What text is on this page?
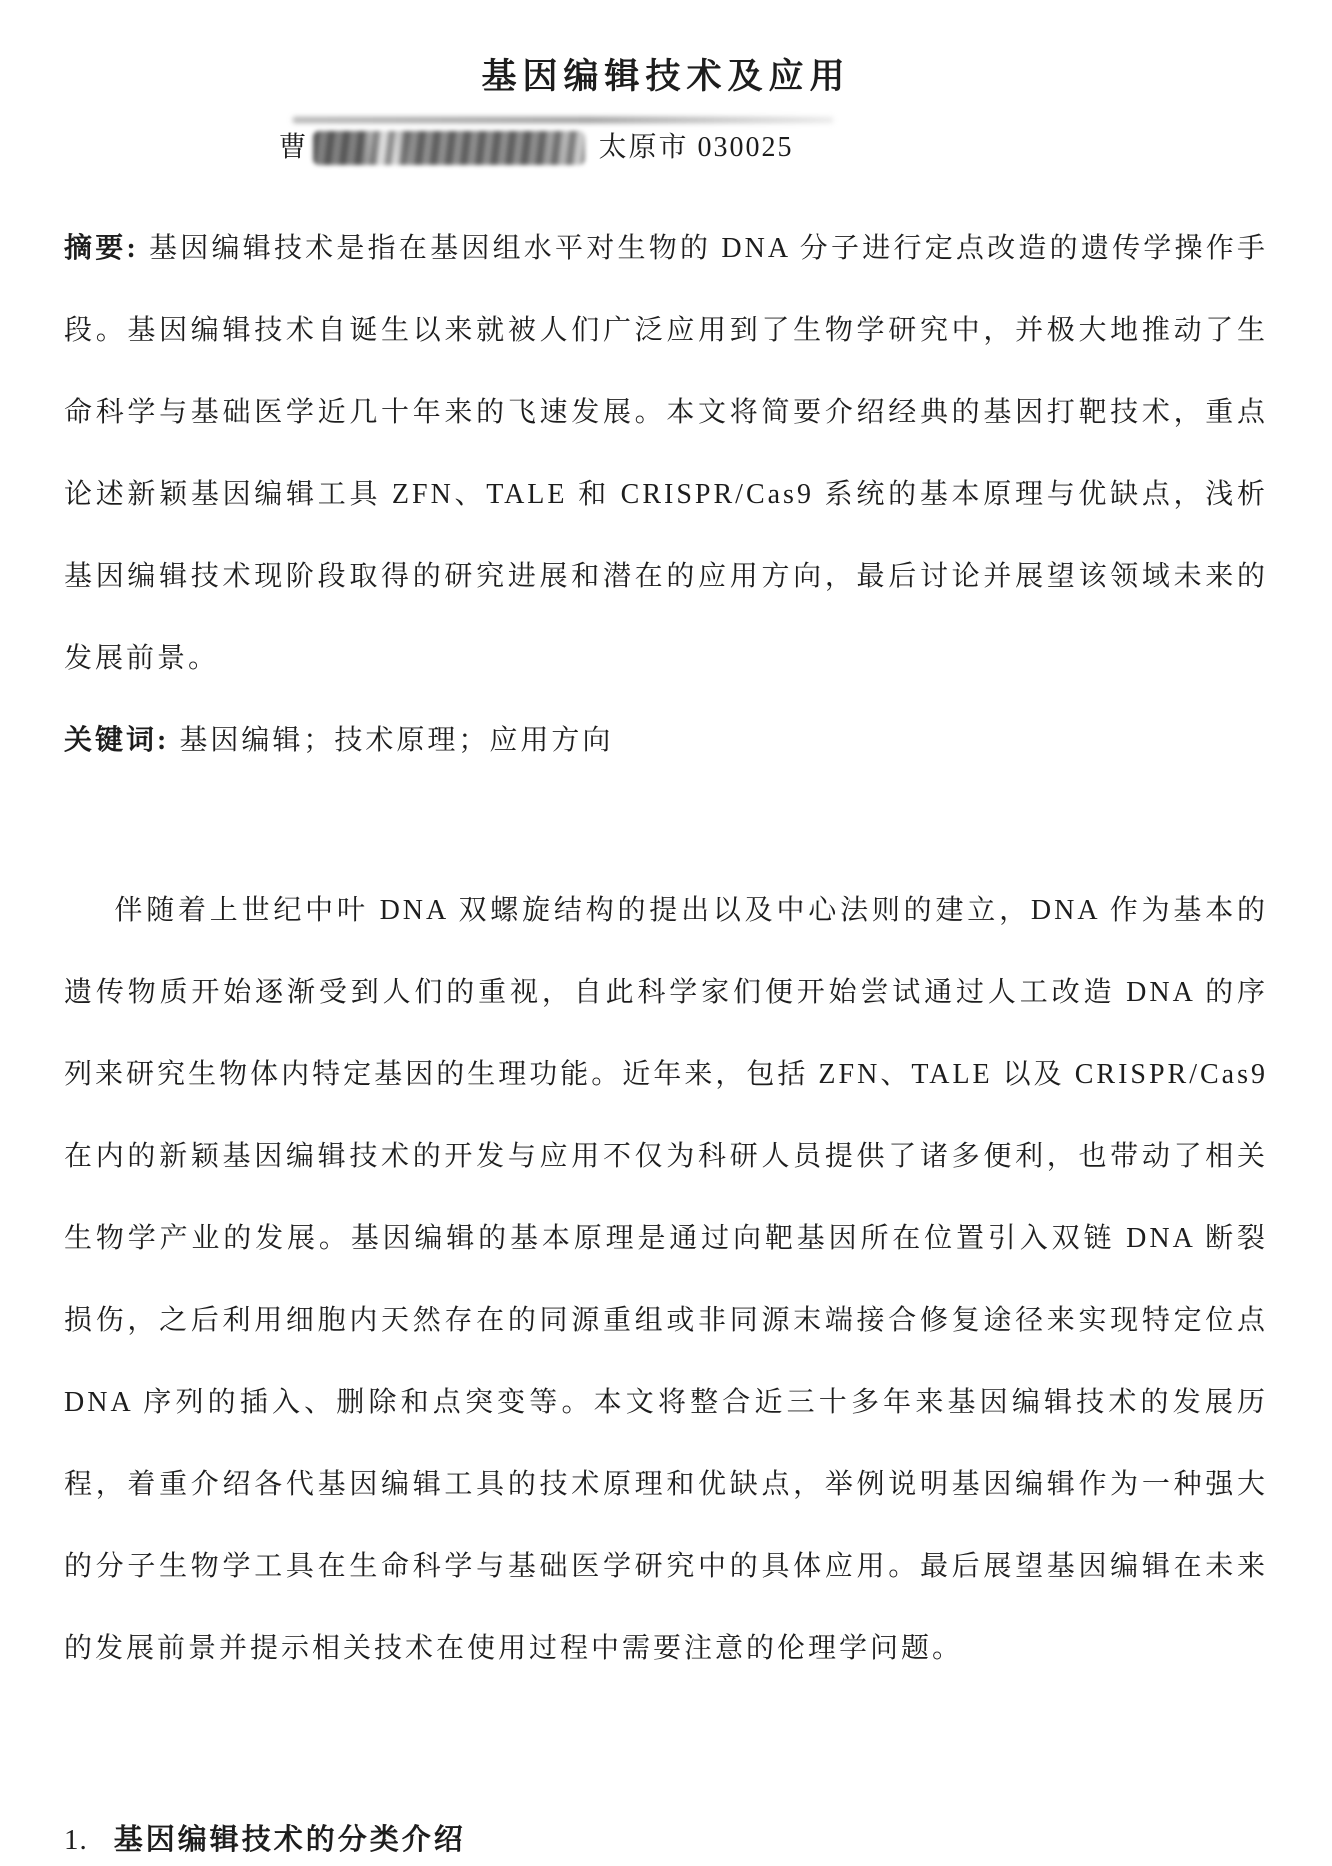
基因编辑技术及应用
曹	太原市 030025

摘要: 基因编辑技术是指在基因组水平对生物的 DNA 分子进行定点改造的遗传学操作手段。基因编辑技术自诞生以来就被人们广泛应用到了生物学研究中，并极大地推动了生命科学与基础医学近几十年来的飞速发展。本文将简要介绍经典的基因打靶技术，重点论述新颖基因编辑工具 ZFN、TALE 和 CRISPR/Cas9 系统的基本原理与优缺点，浅析基因编辑技术现阶段取得的研究进展和潜在的应用方向，最后讨论并展望该领域未来的发展前景。

关键词: 基因编辑；技术原理；应用方向

伴随着上世纪中叶 DNA 双螺旋结构的提出以及中心法则的建立，DNA 作为基本的遗传物质开始逐渐受到人们的重视，自此科学家们便开始尝试通过人工改造 DNA 的序列来研究生物体内特定基因的生理功能。近年来，包括 ZFN、TALE 以及 CRISPR/Cas9 在内的新颖基因编辑技术的开发与应用不仅为科研人员提供了诸多便利，也带动了相关生物学产业的发展。基因编辑的基本原理是通过向靶基因所在位置引入双链 DNA 断裂损伤，之后利用细胞内天然存在的同源重组或非同源末端接合修复途径来实现特定位点 DNA 序列的插入、删除和点突变等。本文将整合近三十多年来基因编辑技术的发展历程，着重介绍各代基因编辑工具的技术原理和优缺点，举例说明基因编辑作为一种强大的分子生物学工具在生命科学与基础医学研究中的具体应用。最后展望基因编辑在未来的发展前景并提示相关技术在使用过程中需要注意的伦理学问题。

1. 基因编辑技术的分类介绍
